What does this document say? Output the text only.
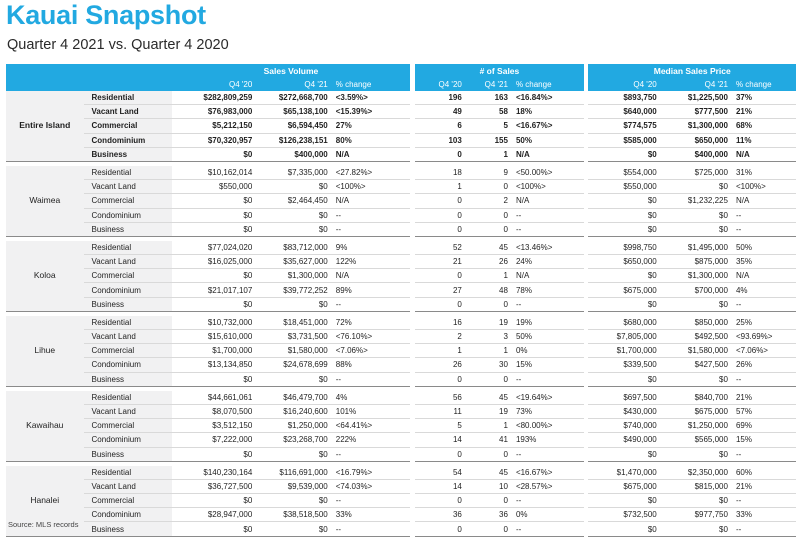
Kauai Snapshot
Quarter 4 2021 vs. Quarter 4 2020
		Sales Volume				# of Sales				Median Sales Price		
		Q4 '20	Q4 '21	% change		Q4 '20	Q4 '21	% change		Q4 '20	Q4 '21	% change
Entire Island	Residential	$282,809,259	$272,668,700	<3.59%>		196	163	<16.84%>		$893,750	$1,225,500	37%
	Vacant Land	$76,983,000	$65,138,100	<15.39%>		49	58	18%		$640,000	$777,500	21%
	Commercial	$5,212,150	$6,594,450	27%		6	5	<16.67%>		$774,575	$1,300,000	68%
	Condominium	$70,320,957	$126,238,151	80%		103	155	50%		$585,000	$650,000	11%
	Business	$0	$400,000	N/A		0	1	N/A		$0	$400,000	N/A

Waimea	Residential	$10,162,014	$7,335,000	<27.82%>		18	9	<50.00%>		$554,000	$725,000	31%
	Vacant Land	$550,000	$0	<100%>		1	0	<100%>		$550,000	$0	<100%>
	Commercial	$0	$2,464,450	N/A		0	2	N/A		$0	$1,232,225	N/A
	Condominium	$0	$0	--		0	0	--		$0	$0	--
	Business	$0	$0	--		0	0	--		$0	$0	--

Koloa	Residential	$77,024,020	$83,712,000	9%		52	45	<13.46%>		$998,750	$1,495,000	50%
	Vacant Land	$16,025,000	$35,627,000	122%		21	26	24%		$650,000	$875,000	35%
	Commercial	$0	$1,300,000	N/A		0	1	N/A		$0	$1,300,000	N/A
	Condominium	$21,017,107	$39,772,252	89%		27	48	78%		$675,000	$700,000	4%
	Business	$0	$0	--		0	0	--		$0	$0	--

Lihue	Residential	$10,732,000	$18,451,000	72%		16	19	19%		$680,000	$850,000	25%
	Vacant Land	$15,610,000	$3,731,500	<76.10%>		2	3	50%		$7,805,000	$492,500	<93.69%>
	Commercial	$1,700,000	$1,580,000	<7.06%>		1	1	0%		$1,700,000	$1,580,000	<7.06%>
	Condominium	$13,134,850	$24,678,699	88%		26	30	15%		$339,500	$427,500	26%
	Business	$0	$0	--		0	0	--		$0	$0	--

Kawaihau	Residential	$44,661,061	$46,479,700	4%		56	45	<19.64%>		$697,500	$840,700	21%
	Vacant Land	$8,070,500	$16,240,600	101%		11	19	73%		$430,000	$675,000	57%
	Commercial	$3,512,150	$1,250,000	<64.41%>		5	1	<80.00%>		$740,000	$1,250,000	69%
	Condominium	$7,222,000	$23,268,700	222%		14	41	193%		$490,000	$565,000	15%
	Business	$0	$0	--		0	0	--		$0	$0	--

Hanalei	Residential	$140,230,164	$116,691,000	<16.79%>		54	45	<16.67%>		$1,470,000	$2,350,000	60%
	Vacant Land	$36,727,500	$9,539,000	<74.03%>		14	10	<28.57%>		$675,000	$815,000	21%
	Commercial	$0	$0	--		0	0	--		$0	$0	--
	Condominium	$28,947,000	$38,518,500	33%		36	36	0%		$732,500	$977,750	33%
	Business	$0	$0	--		0	0	--		$0	$0	--
Source: MLS records
